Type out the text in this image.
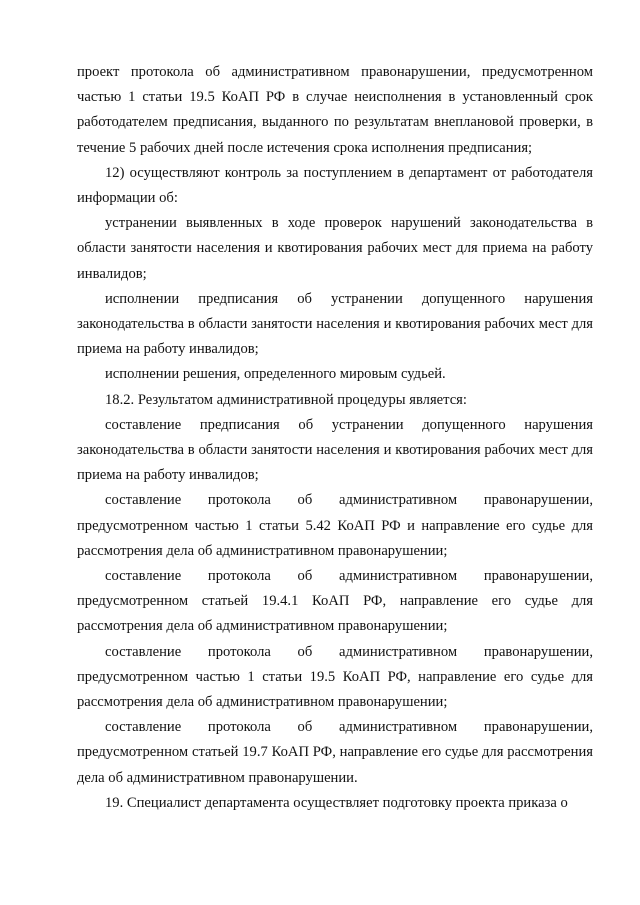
проект протокола об административном правонарушении, предусмотренном частью 1 статьи 19.5 КоАП РФ в случае неисполнения в установленный срок работодателем предписания, выданного по результатам внеплановой проверки, в течение 5 рабочих дней после истечения срока исполнения предписания;

12) осуществляют контроль за поступлением в департамент от работодателя информации об:

устранении выявленных в ходе проверок нарушений законодательства в области занятости населения и квотирования рабочих мест для приема на работу инвалидов;

исполнении предписания об устранении допущенного нарушения законодательства в области занятости населения и квотирования рабочих мест для приема на работу инвалидов;

исполнении решения, определенного мировым судьей.

18.2. Результатом административной процедуры является:

составление предписания об устранении допущенного нарушения законодательства в области занятости населения и квотирования рабочих мест для приема на работу инвалидов;

составление протокола об административном правонарушении, предусмотренном частью 1 статьи 5.42 КоАП РФ и направление его судье для рассмотрения дела об административном правонарушении;

составление протокола об административном правонарушении, предусмотренном статьей 19.4.1 КоАП РФ, направление его судье для рассмотрения дела об административном правонарушении;

составление протокола об административном правонарушении, предусмотренном частью 1 статьи 19.5 КоАП РФ, направление его судье для рассмотрения дела об административном правонарушении;

составление протокола об административном правонарушении, предусмотренном статьей 19.7 КоАП РФ, направление его судье для рассмотрения дела об административном правонарушении.

19. Специалист департамента осуществляет подготовку проекта приказа о
